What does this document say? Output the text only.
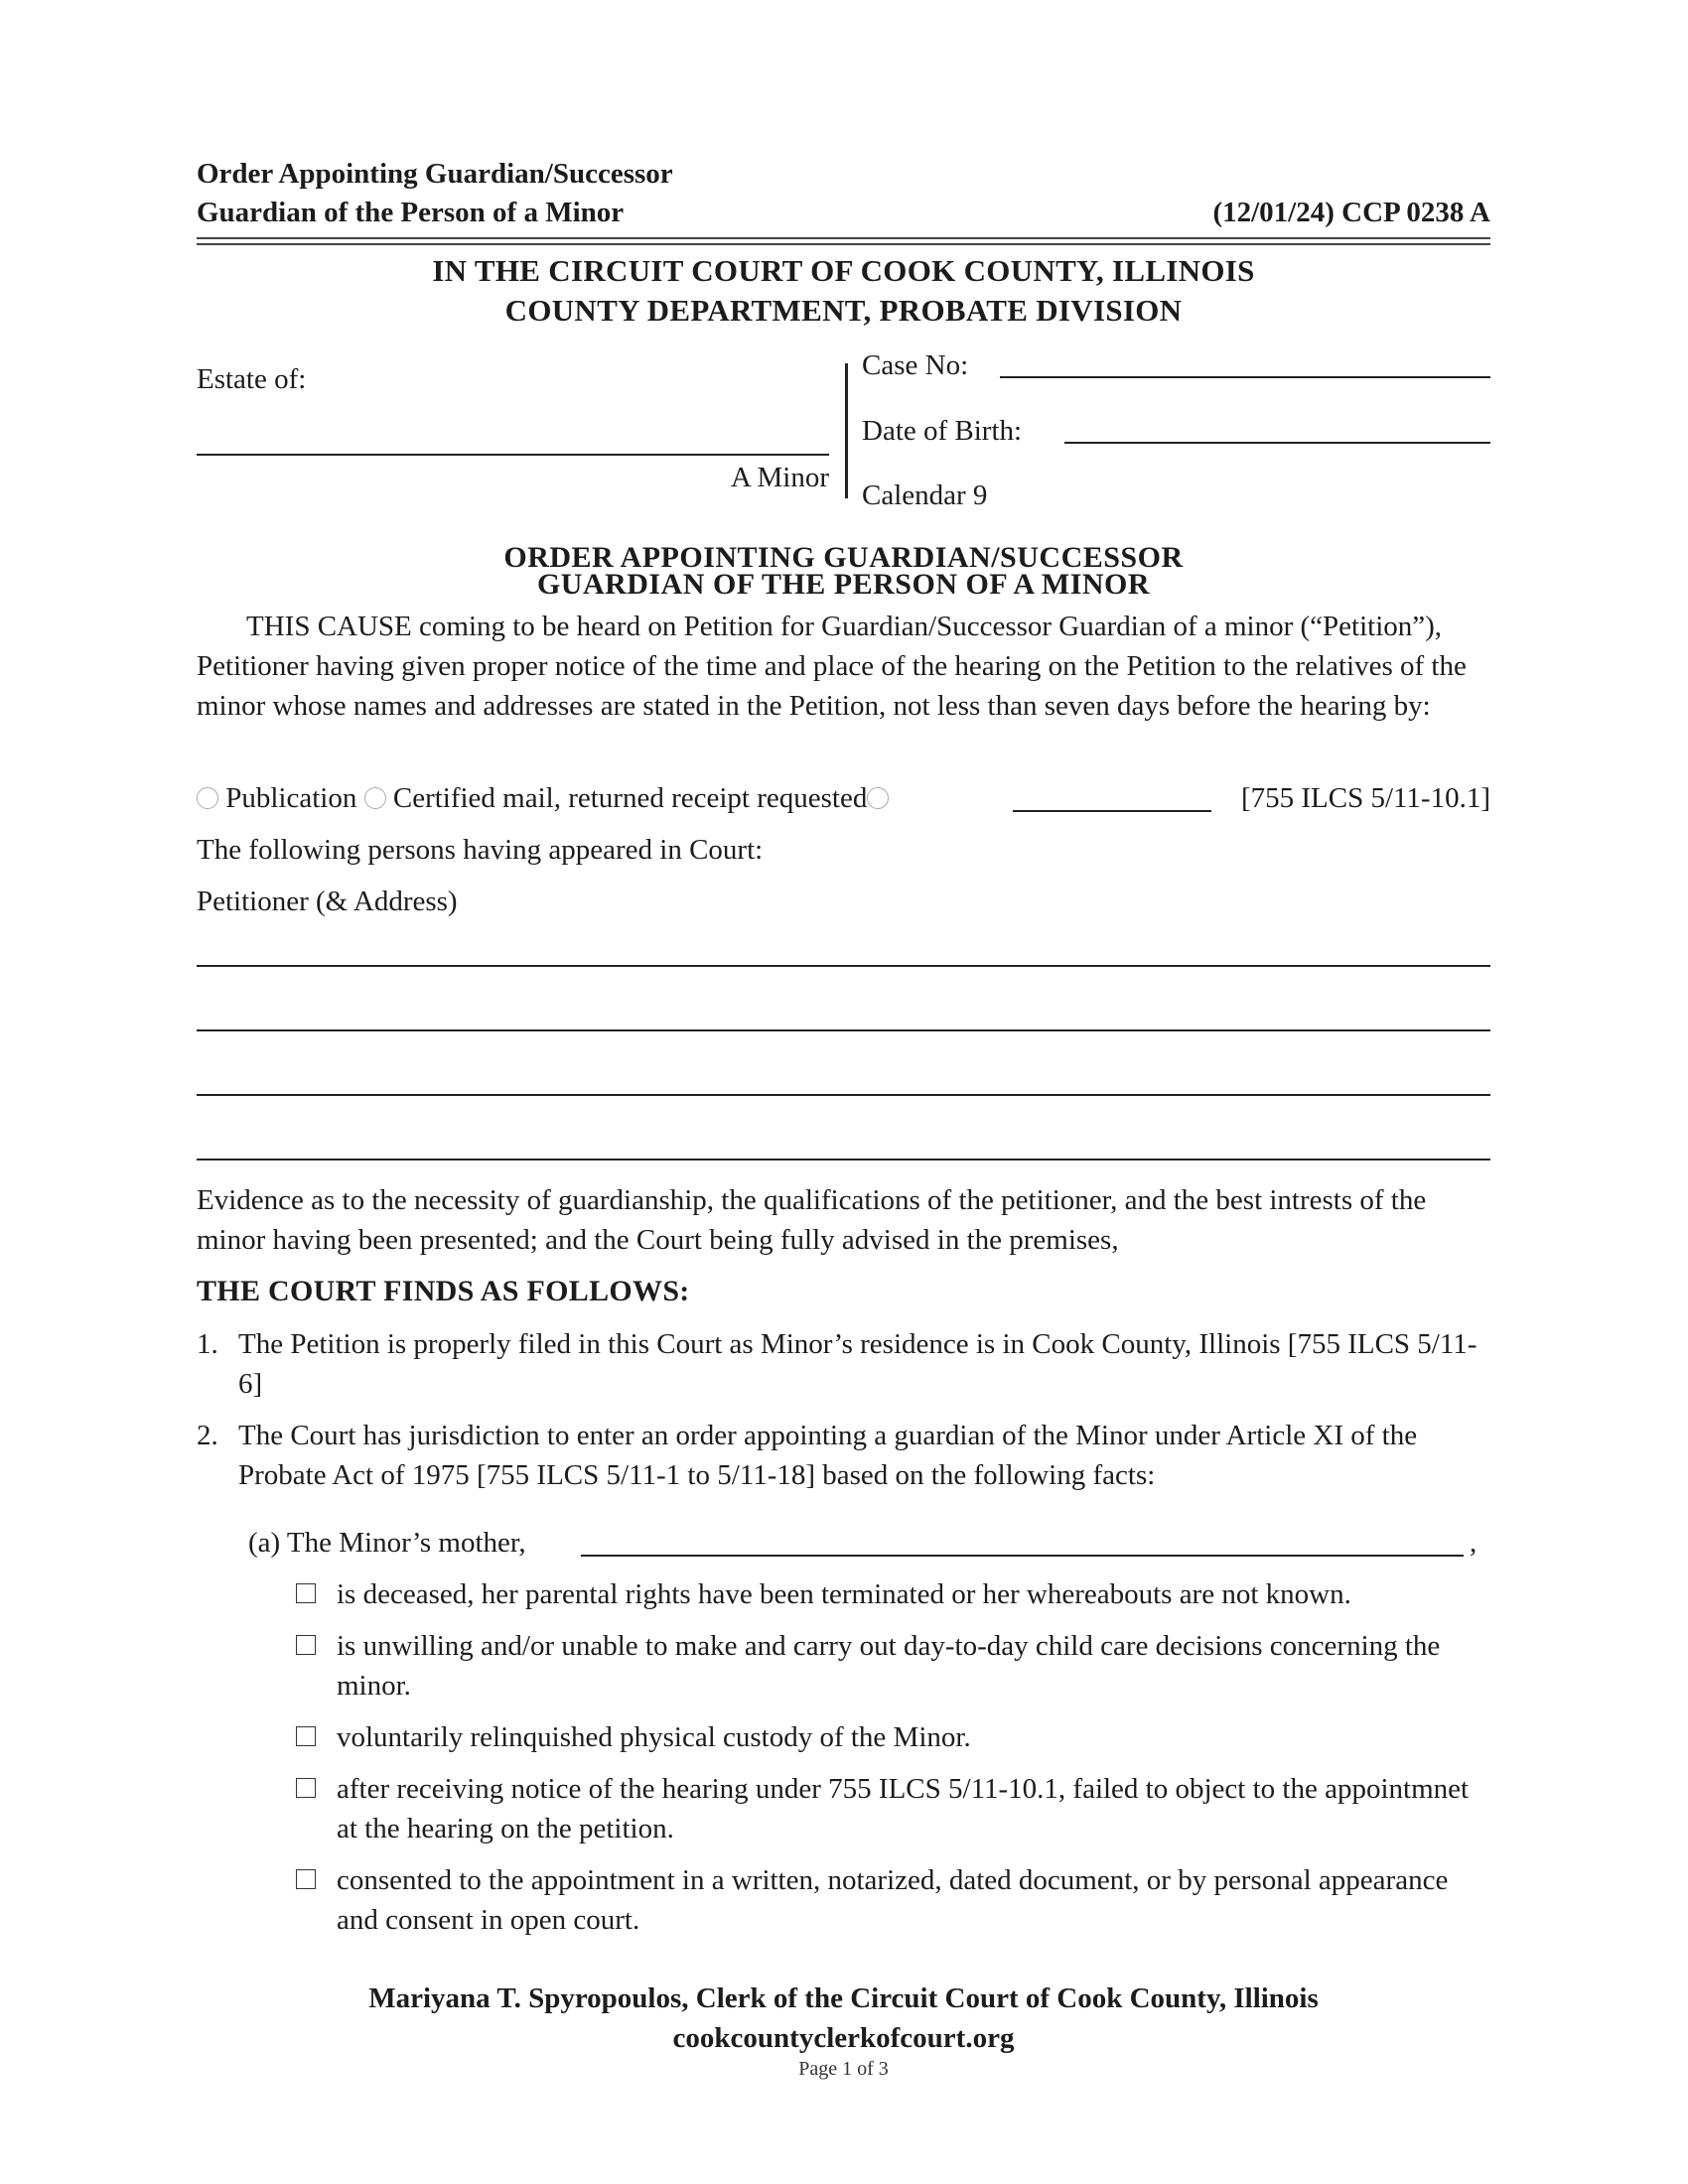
Order Appointing Guardian/Successor
Guardian of the Person of a Minor	(12/01/24) CCP 0238 A
IN THE CIRCUIT COURT OF COOK COUNTY, ILLINOIS
COUNTY DEPARTMENT, PROBATE DIVISION
Estate of:
A Minor
Case No:
Date of Birth:
Calendar 9
ORDER APPOINTING GUARDIAN/SUCCESSOR
GUARDIAN OF THE PERSON OF A MINOR
THIS CAUSE coming to be heard on Petition for Guardian/Successor Guardian of a minor (“Petition”), Petitioner having given proper notice of the time and place of the hearing on the Petition to the relatives of the minor whose names and addresses are stated in the Petition, not less than seven days before the hearing by:
Publication Certified mail, returned receipt requested	[755 ILCS 5/11-10.1]
The following persons having appeared in Court:
Petitioner (& Address)
Evidence as to the necessity of guardianship, the qualifications of the petitioner, and the best intrests of the minor having been presented; and the Court being fully advised in the premises,
THE COURT FINDS AS FOLLOWS:
1. The Petition is properly filed in this Court as Minor’s residence is in Cook County, Illinois [755 ILCS 5/11-6]
2. The Court has jurisdiction to enter an order appointing a guardian of the Minor under Article XI of the Probate Act of 1975 [755 ILCS 5/11-1 to 5/11-18] based on the following facts:
(a) The Minor’s mother,	,
is deceased, her parental rights have been terminated or her whereabouts are not known.
is unwilling and/or unable to make and carry out day-to-day child care decisions concerning the minor.
voluntarily relinquished physical custody of the Minor.
after receiving notice of the hearing under 755 ILCS 5/11-10.1, failed to object to the appointmnet at the hearing on the petition.
consented to the appointment in a written, notarized, dated document, or by personal appearance and consent in open court.
Mariyana T. Spyropoulos, Clerk of the Circuit Court of Cook County, Illinois
cookcountyclerkofcourt.org
Page 1 of 3
